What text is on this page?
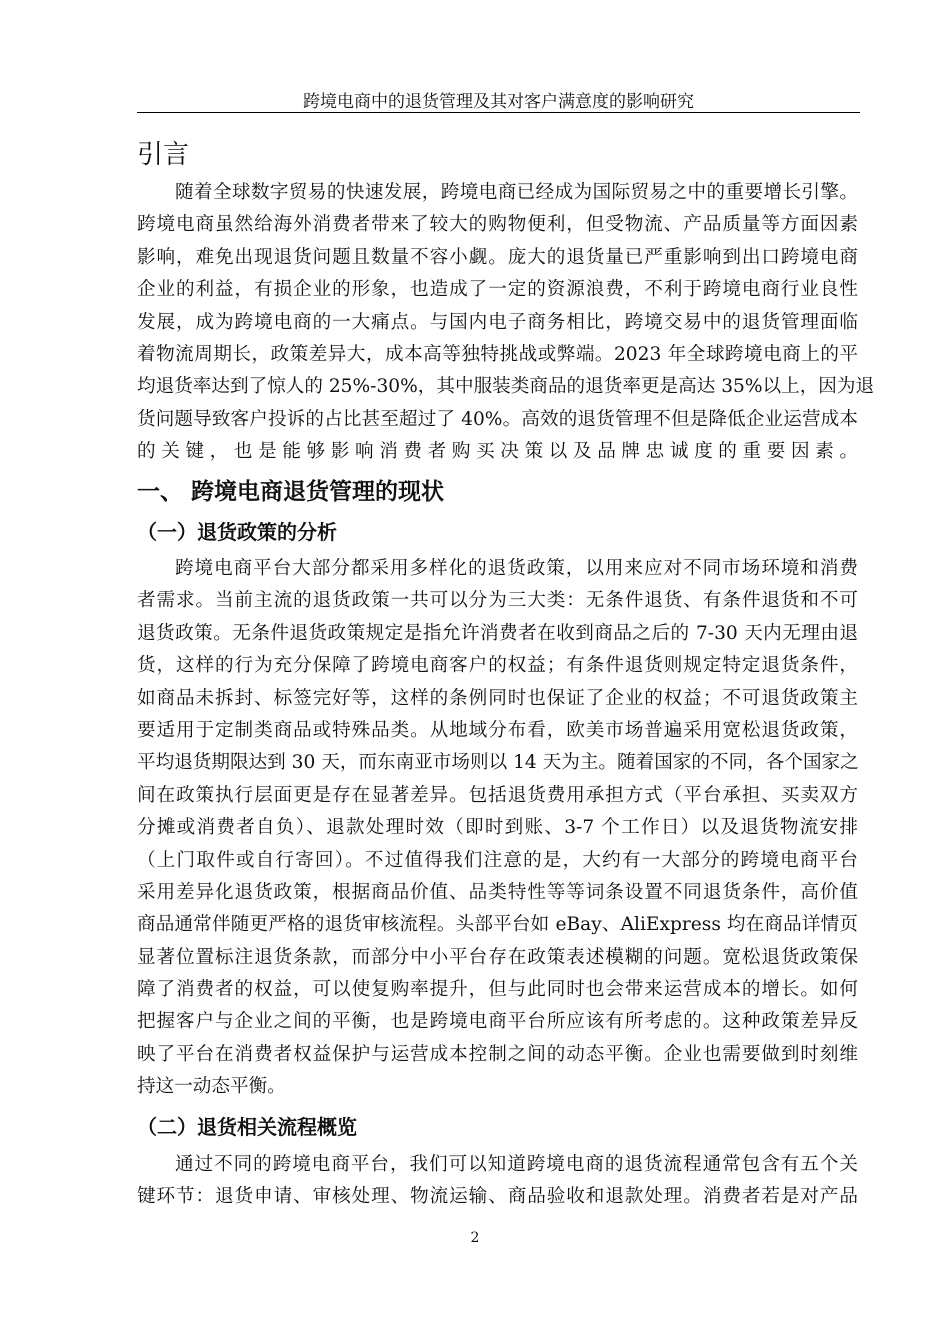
跨境电商中的退货管理及其对客户满意度的影响研究
引言
随着全球数字贸易的快速发展，跨境电商已经成为国际贸易之中的重要增长引擎。
跨境电商虽然给海外消费者带来了较大的购物便利，但受物流、产品质量等方面因素
影响，难免出现退货问题且数量不容小觑。庞大的退货量已严重影响到出口跨境电商
企业的利益，有损企业的形象，也造成了一定的资源浪费，不利于跨境电商行业良性
发展，成为跨境电商的一大痛点。与国内电子商务相比，跨境交易中的退货管理面临
着物流周期长，政策差异大，成本高等独特挑战或弊端。2023 年全球跨境电商上的平
均退货率达到了惊人的 25%-30%，其中服装类商品的退货率更是高达 35%以上，因为退
货问题导致客户投诉的占比甚至超过了 40%。高效的退货管理不但是降低企业运营成本
的关键，也是能够影响消费者购买决策以及品牌忠诚度的重要因素。
一、 跨境电商退货管理的现状
（一）退货政策的分析
跨境电商平台大部分都采用多样化的退货政策，以用来应对不同市场环境和消费
者需求。当前主流的退货政策一共可以分为三大类：无条件退货、有条件退货和不可
退货政策。无条件退货政策规定是指允许消费者在收到商品之后的 7-30 天内无理由退
货，这样的行为充分保障了跨境电商客户的权益；有条件退货则规定特定退货条件，
如商品未拆封、标签完好等，这样的条例同时也保证了企业的权益；不可退货政策主
要适用于定制类商品或特殊品类。从地域分布看，欧美市场普遍采用宽松退货政策，
平均退货期限达到 30 天，而东南亚市场则以 14 天为主。随着国家的不同，各个国家之
间在政策执行层面更是存在显著差异。包括退货费用承担方式（平台承担、买卖双方
分摊或消费者自负）、退款处理时效（即时到账、3-7 个工作日）以及退货物流安排
（上门取件或自行寄回）。不过值得我们注意的是，大约有一大部分的跨境电商平台
采用差异化退货政策，根据商品价值、品类特性等等词条设置不同退货条件，高价值
商品通常伴随更严格的退货审核流程。头部平台如 eBay、AliExpress 均在商品详情页
显著位置标注退货条款，而部分中小平台存在政策表述模糊的问题。宽松退货政策保
障了消费者的权益，可以使复购率提升，但与此同时也会带来运营成本的增长。如何
把握客户与企业之间的平衡，也是跨境电商平台所应该有所考虑的。这种政策差异反
映了平台在消费者权益保护与运营成本控制之间的动态平衡。企业也需要做到时刻维
持这一动态平衡。
（二）退货相关流程概览
通过不同的跨境电商平台，我们可以知道跨境电商的退货流程通常包含有五个关
键环节：退货申请、审核处理、物流运输、商品验收和退款处理。消费者若是对产品
2
